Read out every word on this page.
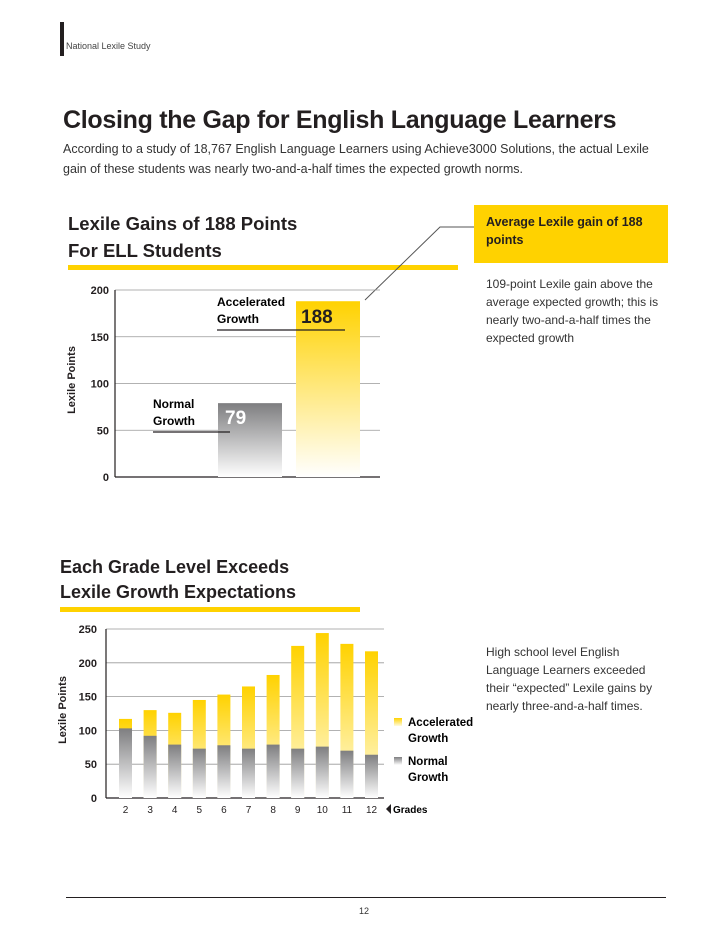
National Lexile Study
Closing the Gap for English Language Learners
According to a study of 18,767 English Language Learners using Achieve3000 Solutions, the actual Lexile gain of these students was nearly two-and-a-half times the expected growth norms.
Lexile Gains of 188 Points
For ELL Students
Average Lexile gain of 188 points
109-point Lexile gain above the average expected growth; this is nearly two-and-a-half times the expected growth
0
50
100
150
200
Lexile Points	Normal
Growth 79
Accelerated
Growth 188
Each Grade Level Exceeds
Lexile Growth Expectations
High school level English Language Learners exceeded their “expected” Lexile gains by nearly three-and-a-half times.
0
50
100
150
200
250
2 3 4 5 6 7 8 9 10 11 12
Lexile Points
Grades
Accelerated
Growth
Normal
Growth
12
